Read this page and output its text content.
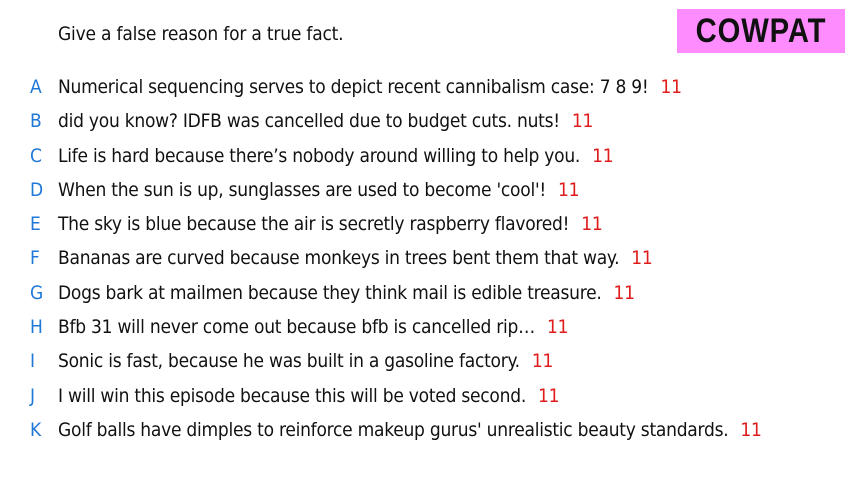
Give a false reason for a true fact.	COWPAT
A Numerical sequencing serves to depict recent cannibalism case: 7 8 9! 11
B did you know? IDFB was cancelled due to budget cuts. nuts! 11
C Life is hard because there’s nobody around willing to help you. 11
D When the sun is up, sunglasses are used to become 'cool'! 11
E The sky is blue because the air is secretly raspberry flavored! 11
F Bananas are curved because monkeys in trees bent them that way. 11
G Dogs bark at mailmen because they think mail is edible treasure. 11
H Bfb 31 will never come out because bfb is cancelled rip… 11
I	Sonic is fast, because he was built in a gasoline factory. 11
J	I will win this episode because this will be voted second. 11
K Golf balls have dimples to reinforce makeup gurus' unrealistic beauty standards. 11
